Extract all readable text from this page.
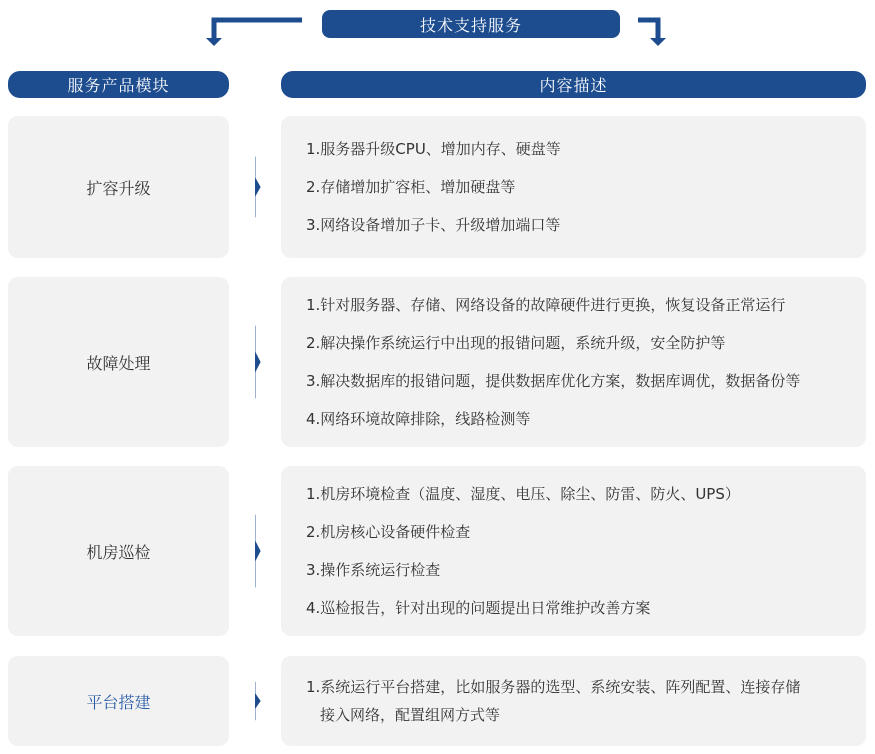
技术支持服务
服务产品模块	内容描述
扩容升级
1.服务器升级CPU、增加内存、硬盘等
2.存储增加扩容柜、增加硬盘等
3.网络设备增加子卡、升级增加端口等
故障处理
1.针对服务器、存储、网络设备的故障硬件进行更换，恢复设备正常运行
2.解决操作系统运行中出现的报错问题，系统升级，安全防护等
3.解决数据库的报错问题，提供数据库优化方案，数据库调优，数据备份等
4.网络环境故障排除，线路检测等
机房巡检
1.机房环境检查（温度、湿度、电压、除尘、防雷、防火、UPS）
2.机房核心设备硬件检查
3.操作系统运行检查
4.巡检报告，针对出现的问题提出日常维护改善方案
平台搭建
1.系统运行平台搭建，比如服务器的选型、系统安装、阵列配置、连接存储
接入网络，配置组网方式等
